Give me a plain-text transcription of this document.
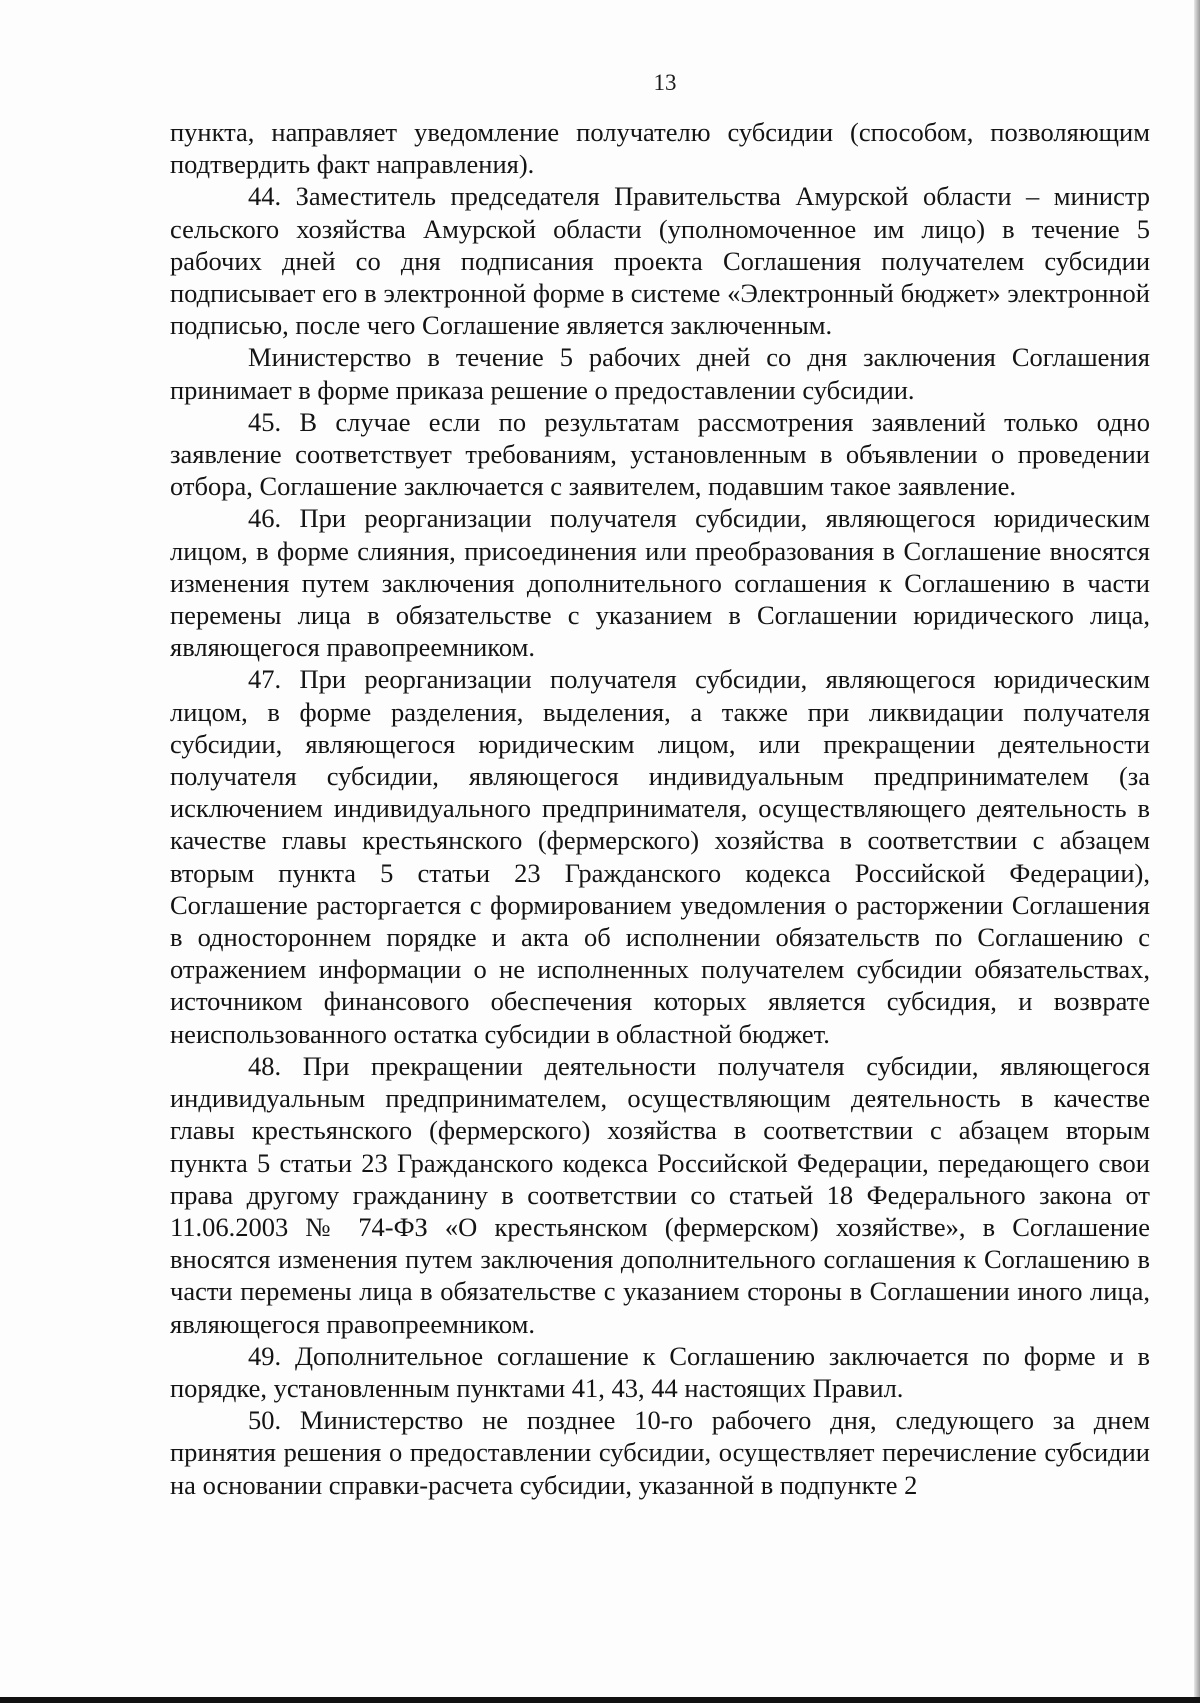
13

пункта, направляет уведомление получателю субсидии (способом, позволяющим подтвердить факт направления).

44. Заместитель председателя Правительства Амурской области – министр сельского хозяйства Амурской области (уполномоченное им лицо) в течение 5 рабочих дней со дня подписания проекта Соглашения получателем субсидии подписывает его в электронной форме в системе «Электронный бюджет» электронной подписью, после чего Соглашение является заключенным.

Министерство в течение 5 рабочих дней со дня заключения Соглашения принимает в форме приказа решение о предоставлении субсидии.

45. В случае если по результатам рассмотрения заявлений только одно заявление соответствует требованиям, установленным в объявлении о проведении отбора, Соглашение заключается с заявителем, подавшим такое заявление.

46. При реорганизации получателя субсидии, являющегося юридическим лицом, в форме слияния, присоединения или преобразования в Соглашение вносятся изменения путем заключения дополнительного соглашения к Соглашению в части перемены лица в обязательстве с указанием в Соглашении юридического лица, являющегося правопреемником.

47. При реорганизации получателя субсидии, являющегося юридическим лицом, в форме разделения, выделения, а также при ликвидации получателя субсидии, являющегося юридическим лицом, или прекращении деятельности получателя субсидии, являющегося индивидуальным предпринимателем (за исключением индивидуального предпринимателя, осуществляющего деятельность в качестве главы крестьянского (фермерского) хозяйства в соответствии с абзацем вторым пункта 5 статьи 23 Гражданского кодекса Российской Федерации), Соглашение расторгается с формированием уведомления о расторжении Соглашения в одностороннем порядке и акта об исполнении обязательств по Соглашению с отражением информации о не исполненных получателем субсидии обязательствах, источником финансового обеспечения которых является субсидия, и возврате неиспользованного остатка субсидии в областной бюджет.

48. При прекращении деятельности получателя субсидии, являющегося индивидуальным предпринимателем, осуществляющим деятельность в качестве главы крестьянского (фермерского) хозяйства в соответствии с абзацем вторым пункта 5 статьи 23 Гражданского кодекса Российской Федерации, передающего свои права другому гражданину в соответствии со статьей 18 Федерального закона от 11.06.2003 № 74-ФЗ «О крестьянском (фермерском) хозяйстве», в Соглашение вносятся изменения путем заключения дополнительного соглашения к Соглашению в части перемены лица в обязательстве с указанием стороны в Соглашении иного лица, являющегося правопреемником.

49. Дополнительное соглашение к Соглашению заключается по форме и в порядке, установленным пунктами 41, 43, 44 настоящих Правил.

50. Министерство не позднее 10-го рабочего дня, следующего за днем принятия решения о предоставлении субсидии, осуществляет перечисление субсидии на основании справки-расчета субсидии, указанной в подпункте 2
